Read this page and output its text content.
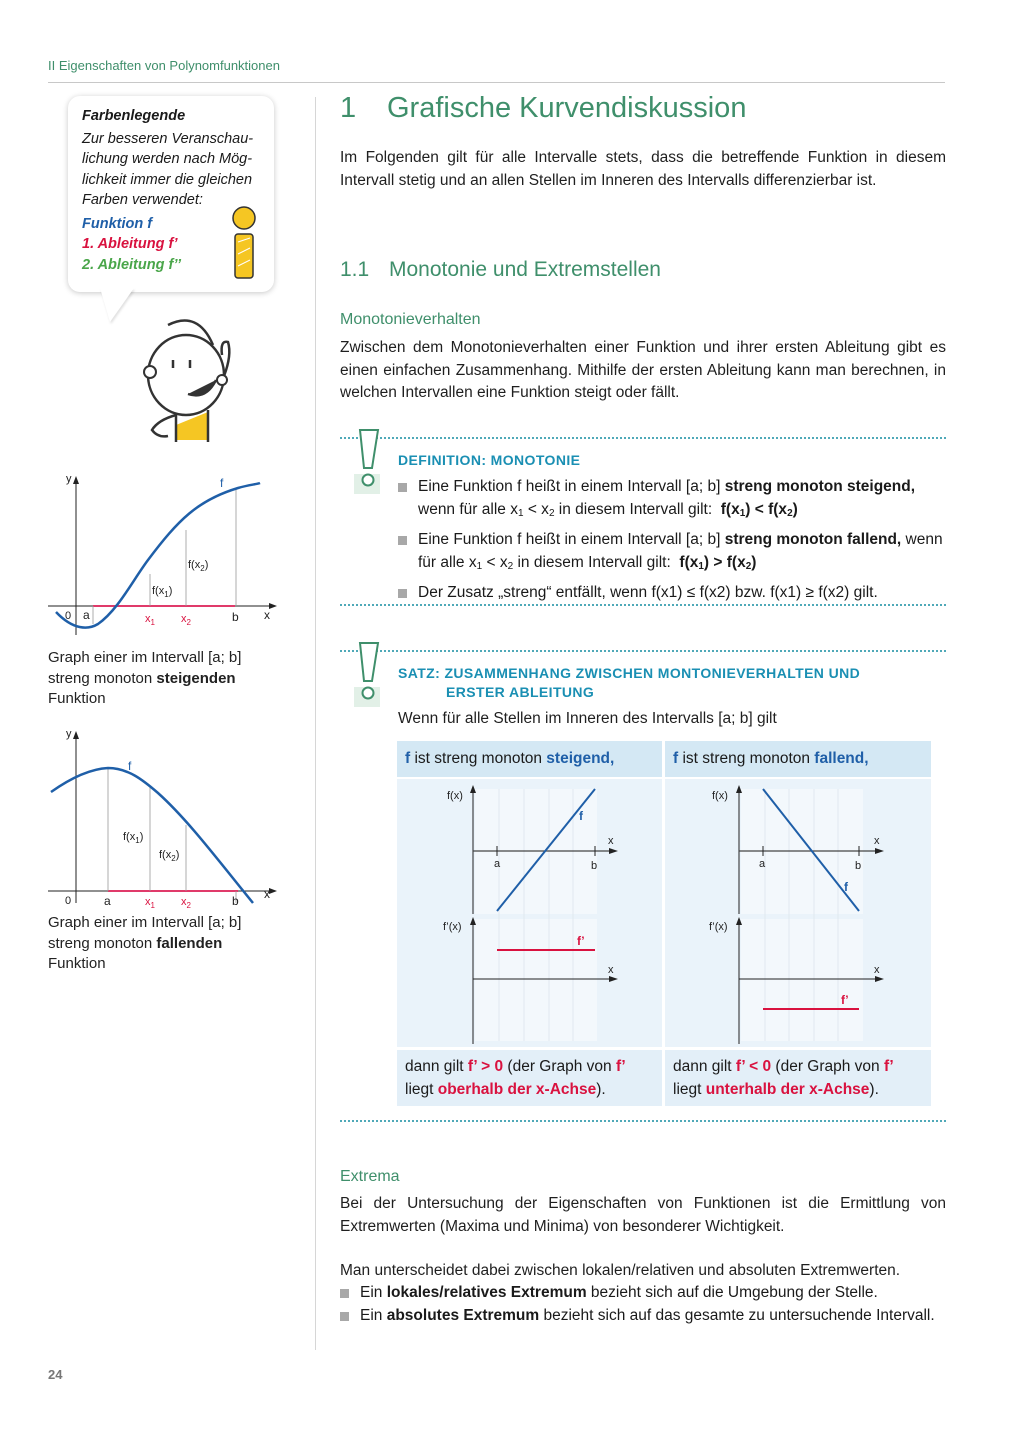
II Eigenschaften von Polynomfunktionen

Farbenlegende

Zur besseren Veranschau-

lichung werden nach Mög-

lichkeit immer die gleichen

Farben verwendet:

Funktion f

1. Ableitung f’

2. Ableitung f’’

y
x
0 a	$x_1$ $x_2$	b
f
$f(x_1)$
$f(x_2)$
Graph einer im Intervall [a; b] streng monoton steigenden
Funktion
y
x
0	a	$x_1$ $x_2$	b
f
$f(x_1)$
$f(x_2)$
Graph einer im Intervall [a; b] streng monoton fallenden
Funktion
1 Grafische Kurvendiskussion
Im Folgenden gilt für alle Intervalle stets, dass die betreffende Funktion in diesem Intervall stetig und an allen Stellen im Inneren des Intervalls differenzierbar ist.
1.1 Monotonie und Extremstellen
Monotonieverhalten
Zwischen dem Monotonieverhalten einer Funktion und ihrer ersten Ableitung gibt es einen einfachen Zusammenhang. Mithilfe der ersten Ableitung kann man berechnen, in welchen Intervallen eine Funktion steigt oder fällt.
DEFINITION: MONOTONIE
Eine Funktion f heißt in einem Intervall [a; b] streng monoton steigend, wenn für alle $x_1 < x_2$ in diesem Intervall gilt:  $f(x_1) < f(x_2)$
Eine Funktion f heißt in einem Intervall [a; b] streng monoton fallend, wenn für alle $x_1 < x_2$ in diesem Intervall gilt:  $f(x_1) > f(x_2)$
Der Zusatz „streng“ entfällt, wenn f(x1) ≤ f(x2) bzw. f(x1) ≥ f(x2) gilt.
SATZ: ZUSAMMENHANG ZWISCHEN MONTONIEVERHALTEN UND
ERSTER ABLEITUNG
Wenn für alle Stellen im Inneren des Intervalls [a; b] gilt
f ist streng monoton steigend,	f ist streng monoton fallend,
f(x)
x
a	b
f
f’(x)
x
f’
f(x)
x
a	b
f
f’(x)
x
f’
dann gilt f’ > 0 (der Graph von f’
liegt oberhalb der x-Achse).
dann gilt f’ < 0 (der Graph von f’
liegt unterhalb der x-Achse).
Extrema
Bei der Untersuchung der Eigenschaften von Funktionen ist die Ermittlung von Extremwerten (Maxima und Minima) von besonderer Wichtigkeit.
Man unterscheidet dabei zwischen lokalen/relativen und absoluten Extremwerten.
Ein lokales/relatives Extremum bezieht sich auf die Umgebung der Stelle.
Ein absolutes Extremum bezieht sich auf das gesamte zu untersuchende Intervall.
24
